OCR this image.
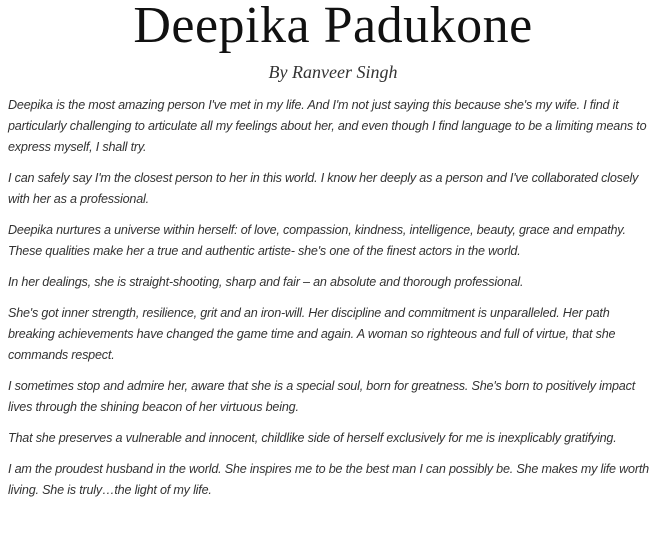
Deepika Padukone
By Ranveer Singh

Deepika is the most amazing person I've met in my life. And I'm not just saying this because she's my wife. I find it particularly challenging to articulate all my feelings about her, and even though I find language to be a limiting means to express myself, I shall try.

I can safely say I'm the closest person to her in this world. I know her deeply as a person and I've collaborated closely with her as a professional.

Deepika nurtures a universe within herself: of love, compassion, kindness, intelligence, beauty, grace and empathy. These qualities make her a true and authentic artiste- she's one of the finest actors in the world.

In her dealings, she is straight-shooting, sharp and fair – an absolute and thorough professional.

She's got inner strength, resilience, grit and an iron-will. Her discipline and commitment is unparalleled. Her path breaking achievements have changed the game time and again. A woman so righteous and full of virtue, that she commands respect.

I sometimes stop and admire her, aware that she is a special soul, born for greatness. She's born to positively impact lives through the shining beacon of her virtuous being.

That she preserves a vulnerable and innocent, childlike side of herself exclusively for me is inexplicably gratifying.

I am the proudest husband in the world. She inspires me to be the best man I can possibly be. She makes my life worth living. She is truly…the light of my life.
